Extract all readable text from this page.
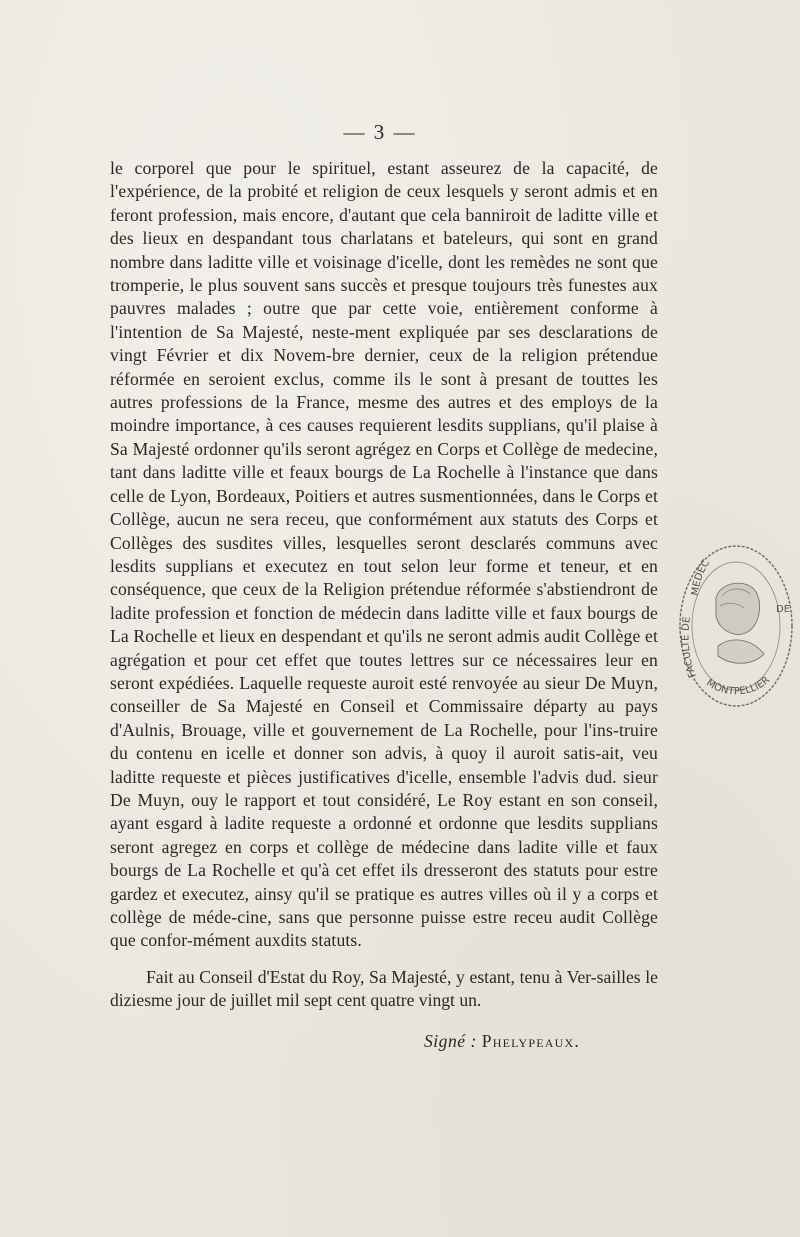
— 3 —

le corporel que pour le spirituel, estant asseurez de la capacité, de l'expérience, de la probité et religion de ceux lesquels y seront admis et en feront profession, mais encore, d'autant que cela banniroit de laditte ville et des lieux en despandant tous charlatans et bateleurs, qui sont en grand nombre dans laditte ville et voisinage d'icelle, dont les remèdes ne sont que tromperie, le plus souvent sans succès et presque toujours très funestes aux pauvres malades ; outre que par cette voie, entièrement conforme à l'intention de Sa Majesté, neste-ment expliquée par ses desclarations de vingt Février et dix Novem-bre dernier, ceux de la religion prétendue réformée en seroient exclus, comme ils le sont à presant de touttes les autres professions de la France, mesme des autres et des employs de la moindre importance, à ces causes requierent lesdits supplians, qu'il plaise à Sa Majesté ordonner qu'ils seront agrégez en Corps et Collège de medecine, tant dans laditte ville et feaux bourgs de La Rochelle à l'instance que dans celle de Lyon, Bordeaux, Poitiers et autres susmentionnées, dans le Corps et Collège, aucun ne sera receu, que conformément aux statuts des Corps et Collèges des susdites villes, lesquelles seront desclarés communs avec lesdits supplians et executez en tout selon leur forme et teneur, et en conséquence, que ceux de la Religion prétendue réformée s'abstiendront de ladite profession et fonction de médecin dans laditte ville et faux bourgs de La Rochelle et lieux en despendant et qu'ils ne seront admis audit Collège et agrégation et pour cet effet que toutes lettres sur ce nécessaires leur en seront expédiées. Laquelle requeste auroit esté renvoyée au sieur De Muyn, conseiller de Sa Majesté en Conseil et Commissaire départy au pays d'Aulnis, Brouage, ville et gouvernement de La Rochelle, pour l'ins-truire du contenu en icelle et donner son advis, à quoy il auroit satis-ait, veu laditte requeste et pièces justificatives d'icelle, ensemble l'advis dud. sieur De Muyn, ouy le rapport et tout considéré, Le Roy estant en son conseil, ayant esgard à ladite requeste a ordonné et ordonne que lesdits supplians seront agregez en corps et collège de médecine dans ladite ville et faux bourgs de La Rochelle et qu'à cet effet ils dresseront des statuts pour estre gardez et executez, ainsy qu'il se pratique es autres villes où il y a corps et collège de méde-cine, sans que personne puisse estre receu audit Collège que confor-mément auxdits statuts.

Fait au Conseil d'Estat du Roy, Sa Majesté, y estant, tenu à Ver-sailles le diziesme jour de juillet mil sept cent quatre vingt un.
Signé : Phelypeaux.
MEDEC
FACULTE DE
DE
MONTPELLIER
